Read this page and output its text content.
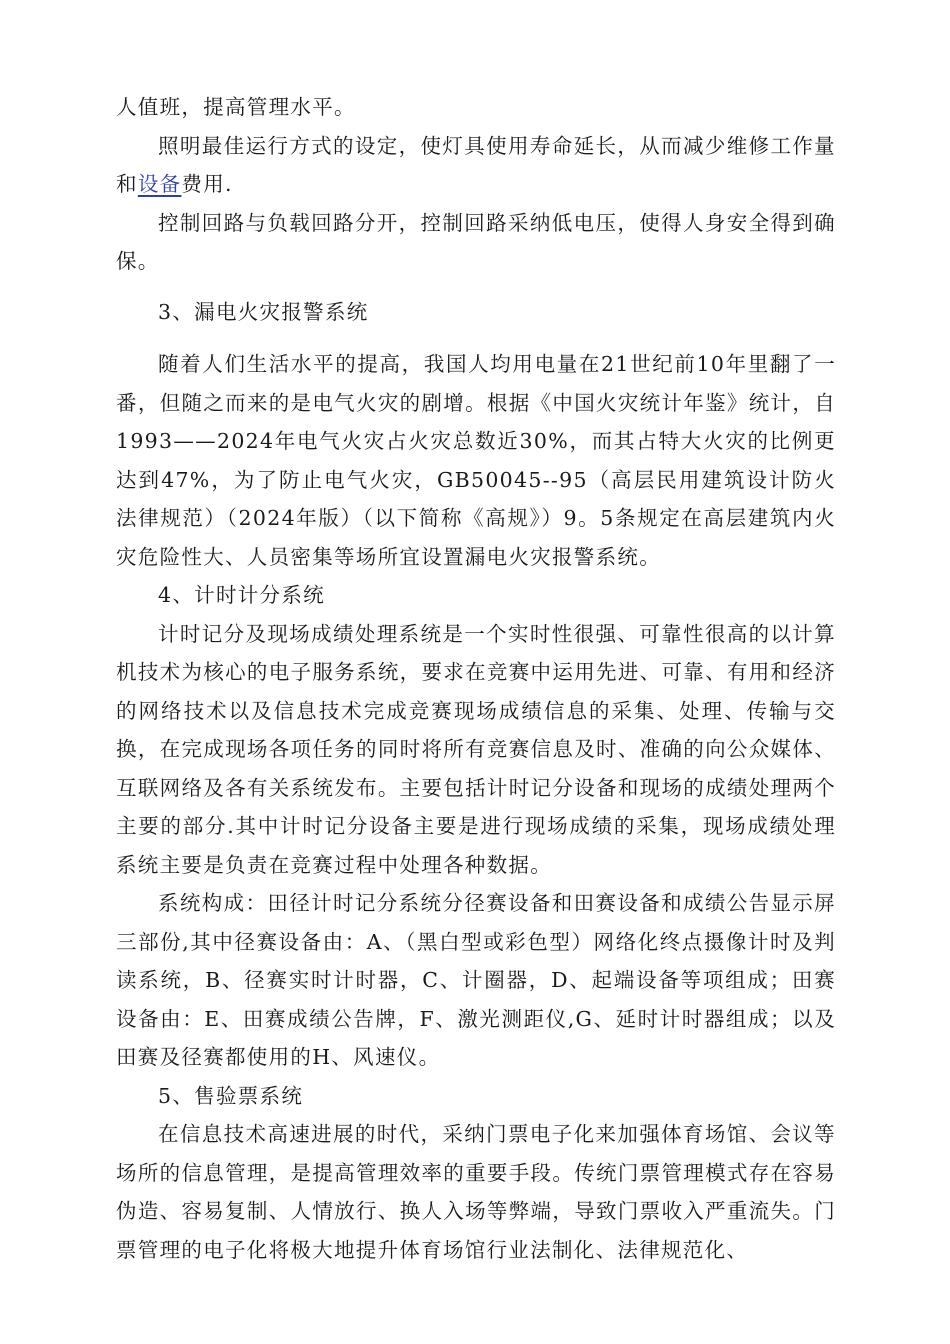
人值班，提高管理水平。

照明最佳运行方式的设定，使灯具使用寿命延长，从而减少维修工作量和设备费用.

控制回路与负载回路分开，控制回路采纳低电压，使得人身安全得到确保。

3、漏电火灾报警系统

随着人们生活水平的提高，我国人均用电量在21世纪前10年里翻了一番，但随之而来的是电气火灾的剧增。根据《中国火灾统计年鉴》统计，自1993——2024年电气火灾占火灾总数近30%，而其占特大火灾的比例更达到47%，为了防止电气火灾，GB50045--95（高层民用建筑设计防火法律规范）（2024年版）（以下简称《高规》）9。5条规定在高层建筑内火灾危险性大、人员密集等场所宜设置漏电火灾报警系统。

4、计时计分系统

计时记分及现场成绩处理系统是一个实时性很强、可靠性很高的以计算机技术为核心的电子服务系统，要求在竞赛中运用先进、可靠、有用和经济的网络技术以及信息技术完成竞赛现场成绩信息的采集、处理、传输与交换，在完成现场各项任务的同时将所有竞赛信息及时、准确的向公众媒体、互联网络及各有关系统发布。主要包括计时记分设备和现场的成绩处理两个主要的部分.其中计时记分设备主要是进行现场成绩的采集，现场成绩处理系统主要是负责在竞赛过程中处理各种数据。

系统构成：田径计时记分系统分径赛设备和田赛设备和成绩公告显示屏三部份,其中径赛设备由：A、（黑白型或彩色型）网络化终点摄像计时及判读系统，B、径赛实时计时器，C、计圈器，D、起端设备等项组成；田赛设备由：E、田赛成绩公告牌，F、激光测距仪,G、延时计时器组成；以及田赛及径赛都使用的H、风速仪。

5、售验票系统

在信息技术高速进展的时代，采纳门票电子化来加强体育场馆、会议等场所的信息管理，是提高管理效率的重要手段。传统门票管理模式存在容易伪造、容易复制、人情放行、换人入场等弊端，导致门票收入严重流失。门票管理的电子化将极大地提升体育场馆行业法制化、法律规范化、
